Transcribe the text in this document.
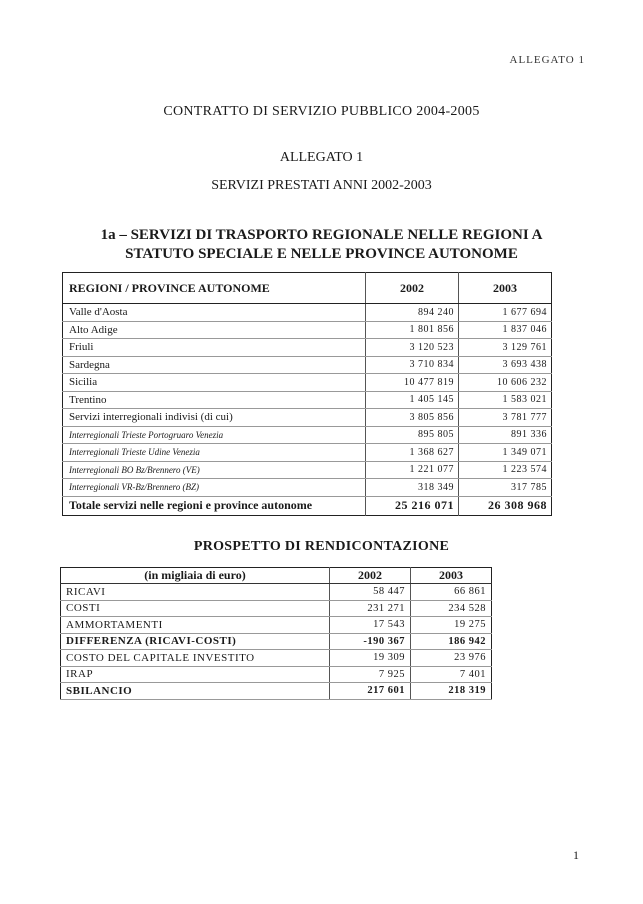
ALLEGATO 1
CONTRATTO DI SERVIZIO PUBBLICO 2004-2005
ALLEGATO 1
SERVIZI PRESTATI ANNI 2002-2003
1a – SERVIZI DI TRASPORTO REGIONALE NELLE REGIONI A
STATUTO SPECIALE E NELLE PROVINCE AUTONOME
REGIONI / PROVINCE AUTONOME	2002	2003
Valle d'Aosta	894 240	1 677 694
Alto Adige	1 801 856	1 837 046
Friuli	3 120 523	3 129 761
Sardegna	3 710 834	3 693 438
Sicilia	10 477 819	10 606 232
Trentino	1 405 145	1 583 021
Servizi interregionali indivisi (di cui)	3 805 856	3 781 777
Interregionali Trieste Portogruaro Venezia	895 805	891 336
Interregionali Trieste Udine Venezia	1 368 627	1 349 071
Interregionali BO Bz/Brennero (VE)	1 221 077	1 223 574
Interregionali VR-Bz/Brennero (BZ)	318 349	317 785
Totale servizi nelle regioni e province autonome	25 216 071	26 308 968
PROSPETTO DI RENDICONTAZIONE
(in migliaia di euro)	2002	2003
RICAVI	58 447	66 861
COSTI	231 271	234 528
AMMORTAMENTI	17 543	19 275
DIFFERENZA (RICAVI-COSTI)	-190 367	186 942
COSTO DEL CAPITALE INVESTITO	19 309	23 976
IRAP	7 925	7 401
SBILANCIO	217 601	218 319
1
